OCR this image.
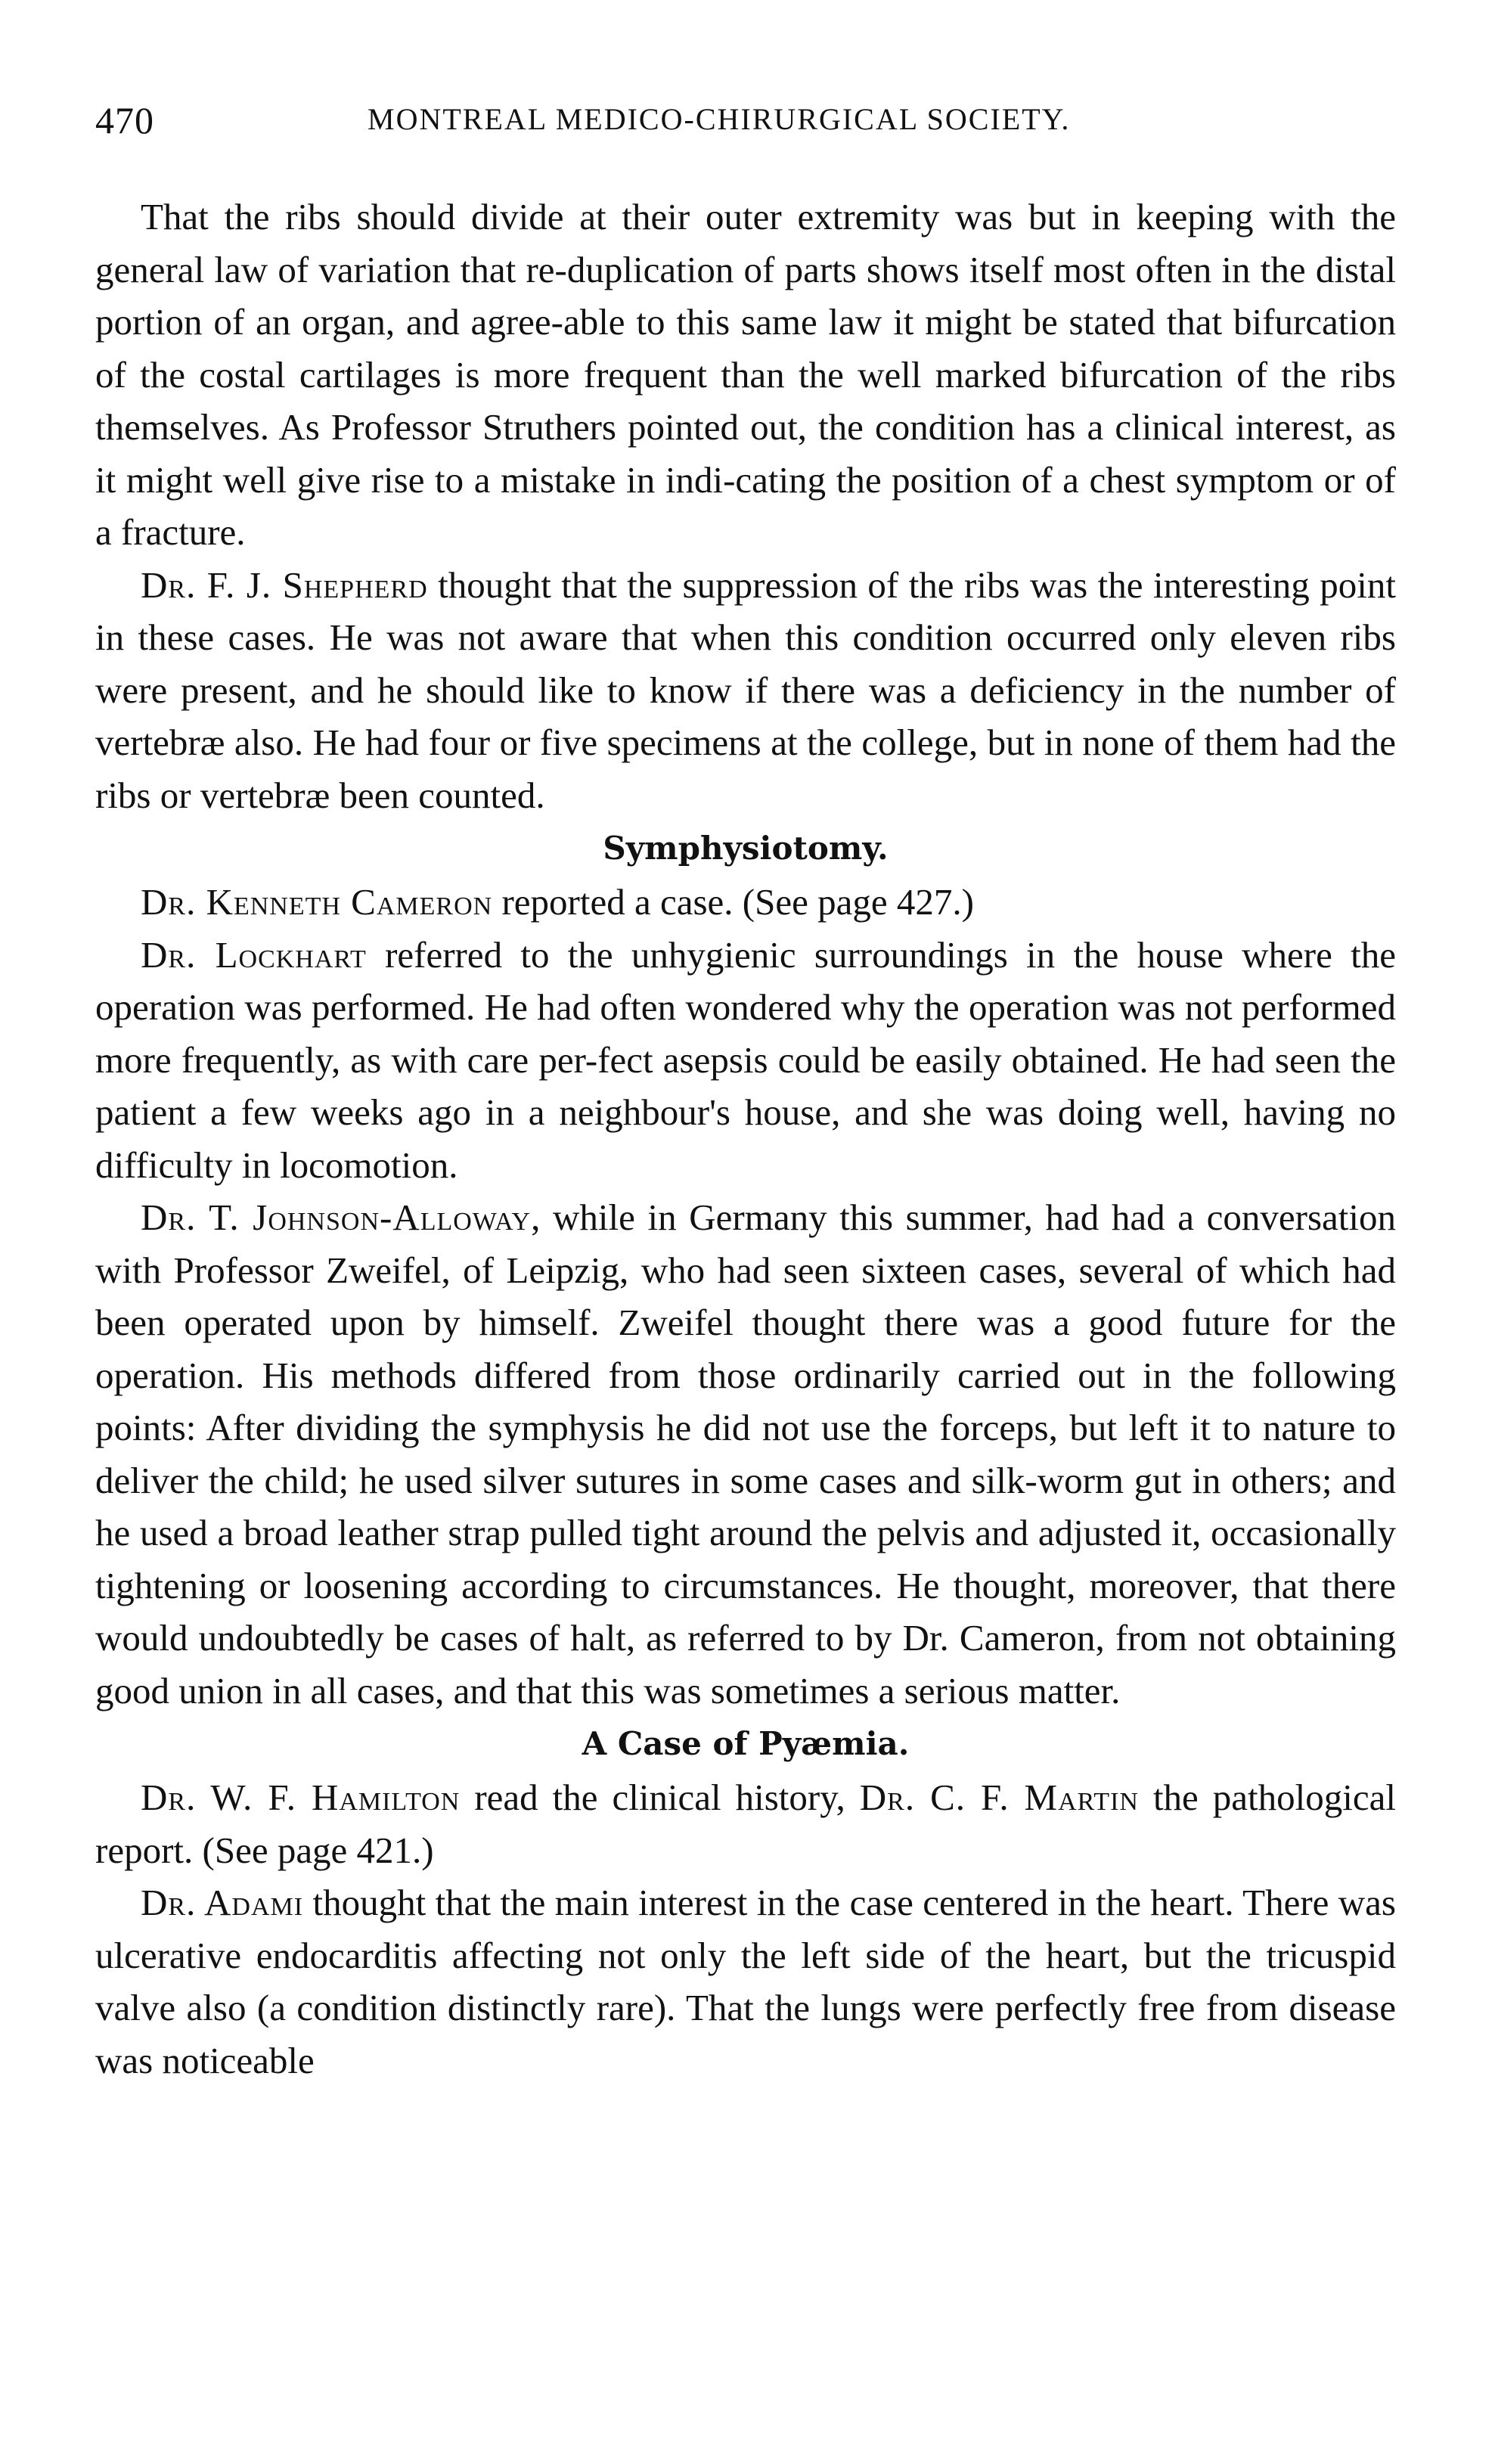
470	MONTREAL MEDICO-CHIRURGICAL SOCIETY.

That the ribs should divide at their outer extremity was but in keeping with the general law of variation that re-duplication of parts shows itself most often in the distal portion of an organ, and agree-able to this same law it might be stated that bifurcation of the costal cartilages is more frequent than the well marked bifurcation of the ribs themselves. As Professor Struthers pointed out, the condition has a clinical interest, as it might well give rise to a mistake in indi-cating the position of a chest symptom or of a fracture.

Dr. F. J. Shepherd thought that the suppression of the ribs was the interesting point in these cases. He was not aware that when this condition occurred only eleven ribs were present, and he should like to know if there was a deficiency in the number of vertebræ also. He had four or five specimens at the college, but in none of them had the ribs or vertebræ been counted.

Symphysiotomy.

Dr. Kenneth Cameron reported a case. (See page 427.)

Dr. Lockhart referred to the unhygienic surroundings in the house where the operation was performed. He had often wondered why the operation was not performed more frequently, as with care per-fect asepsis could be easily obtained. He had seen the patient a few weeks ago in a neighbour's house, and she was doing well, having no difficulty in locomotion.

Dr. T. Johnson-Alloway, while in Germany this summer, had had a conversation with Professor Zweifel, of Leipzig, who had seen sixteen cases, several of which had been operated upon by himself. Zweifel thought there was a good future for the operation. His methods differed from those ordinarily carried out in the following points: After dividing the symphysis he did not use the forceps, but left it to nature to deliver the child; he used silver sutures in some cases and silk-worm gut in others; and he used a broad leather strap pulled tight around the pelvis and adjusted it, occasionally tightening or loosening according to circumstances. He thought, moreover, that there would undoubtedly be cases of halt, as referred to by Dr. Cameron, from not obtaining good union in all cases, and that this was sometimes a serious matter.

A Case of Pyæmia.

Dr. W. F. Hamilton read the clinical history, Dr. C. F. Martin the pathological report. (See page 421.)

Dr. Adami thought that the main interest in the case centered in the heart. There was ulcerative endocarditis affecting not only the left side of the heart, but the tricuspid valve also (a condition distinctly rare). That the lungs were perfectly free from disease was noticeable
